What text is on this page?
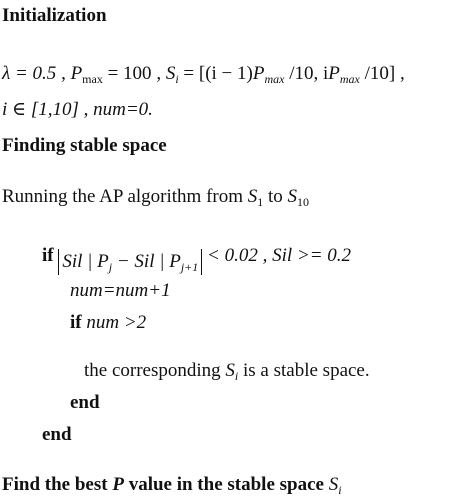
Initialization
λ = 0.5 , $P_{max} = 100$ , $S_i = [(i - 1)P_{max}$ /10, $iP_{max}$ /10] ,
i ∈ [1,10] , num=0.
Finding stable space
Running the AP algorithm from $S_1$ to $S_{10}$
if Sil | $P_j$ − Sil | $P_{j+1} < 0.02$ , Sil >= 0.2
num=num+1
if num >2
the corresponding $S_i$ is a stable space.
end
end
Find the best P value in the stable space $S_i$
